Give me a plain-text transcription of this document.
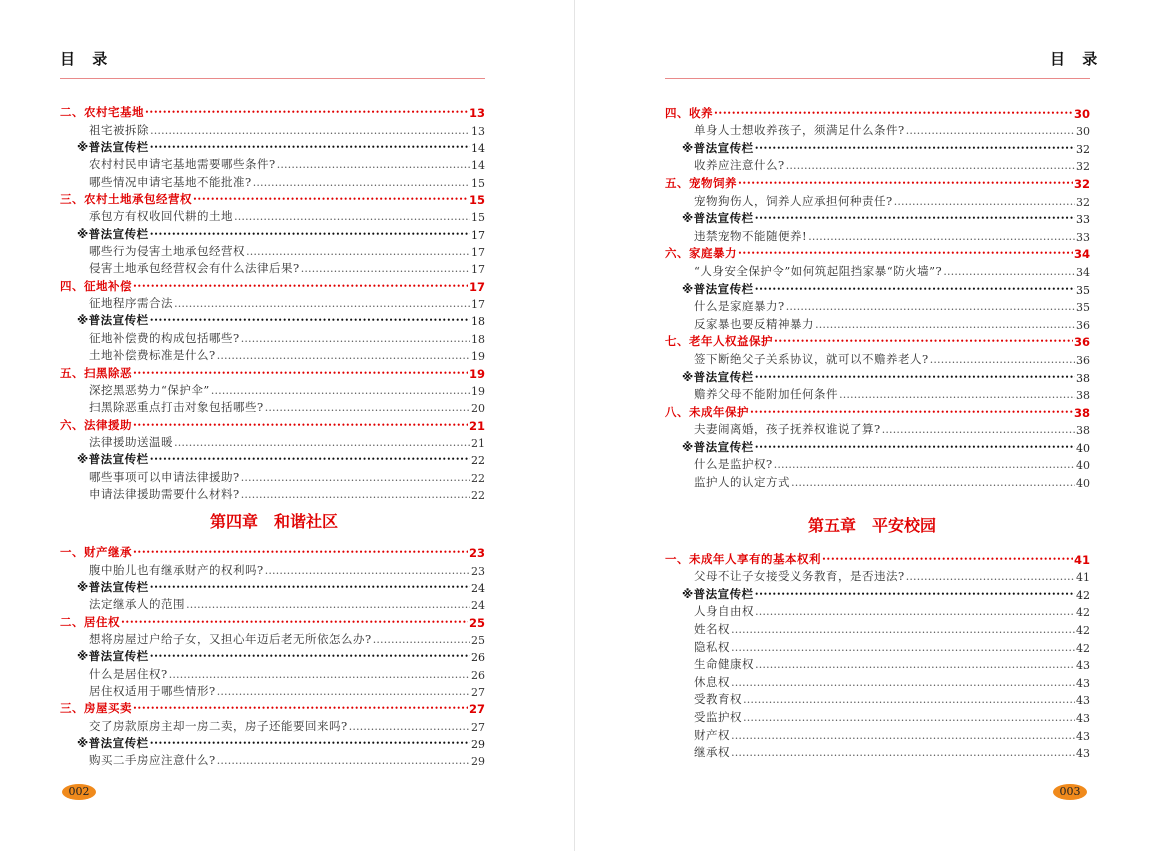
目 录
二、农村宅基地 •••••	13
祖宅被拆除 …………………………………………………………………………………………………………………………………………	13
※普法宣传栏 •••••	14
农村村民申请宅基地需要哪些条件? …………………………………………………………………………………………………………………………………………	14
哪些情况申请宅基地不能批准? …………………………………………………………………………………………………………………………………………	15
三、农村土地承包经营权 •••••	15
承包方有权收回代耕的土地 …………………………………………………………………………………………………………………………………………	15
※普法宣传栏 •••••	17
哪些行为侵害土地承包经营权 …………………………………………………………………………………………………………………………………………	17
侵害土地承包经营权会有什么法律后果? …………………………………………………………………………………………………………………………………………	17
四、征地补偿 •••••	17
征地程序需合法 …………………………………………………………………………………………………………………………………………	17
※普法宣传栏 •••••	18
征地补偿费的构成包括哪些? …………………………………………………………………………………………………………………………………………	18
土地补偿费标准是什么? …………………………………………………………………………………………………………………………………………	19
五、扫黑除恶 •••••	19
深挖黑恶势力“保护伞” …………………………………………………………………………………………………………………………………………	19
扫黑除恶重点打击对象包括哪些? …………………………………………………………………………………………………………………………………………	20
六、法律援助 •••••	21
法律援助送温暖 …………………………………………………………………………………………………………………………………………	21
※普法宣传栏 •••••	22
哪些事项可以申请法律援助? …………………………………………………………………………………………………………………………………………	22
申请法律援助需要什么材料? …………………………………………………………………………………………………………………………………………	22
第四章　和谐社区
一、财产继承 •••••	23
腹中胎儿也有继承财产的权利吗? …………………………………………………………………………………………………………………………………………	23
※普法宣传栏 •••••	24
法定继承人的范围 …………………………………………………………………………………………………………………………………………	24
二、居住权 •••••	25
想将房屋过户给子女，又担心年迈后老无所依怎么办? …………………………………………………………………………………………………………………………………………	25
※普法宣传栏 •••••	26
什么是居住权? …………………………………………………………………………………………………………………………………………	26
居住权适用于哪些情形? …………………………………………………………………………………………………………………………………………	27
三、房屋买卖 •••••	27
交了房款原房主却一房二卖，房子还能要回来吗? …………………………………………………………………………………………………………………………………………	27
※普法宣传栏 •••••	29
购买二手房应注意什么? …………………………………………………………………………………………………………………………………………	29
002
目 录
四、收养 •••••	30
单身人士想收养孩子，须满足什么条件? …………………………………………………………………………………………………………………………………………	30
※普法宣传栏 •••••	32
收养应注意什么? …………………………………………………………………………………………………………………………………………	32
五、宠物饲养 •••••	32
宠物狗伤人，饲养人应承担何种责任? …………………………………………………………………………………………………………………………………………	32
※普法宣传栏 •••••	33
违禁宠物不能随便养! …………………………………………………………………………………………………………………………………………	33
六、家庭暴力 •••••	34
“人身安全保护令”如何筑起阻挡家暴“防火墙”? …………………………………………………………………………………………………………………………………………	34
※普法宣传栏 •••••	35
什么是家庭暴力? …………………………………………………………………………………………………………………………………………	35
反家暴也要反精神暴力 …………………………………………………………………………………………………………………………………………	36
七、老年人权益保护 •••••	36
签下断绝父子关系协议，就可以不赡养老人? …………………………………………………………………………………………………………………………………………	36
※普法宣传栏 •••••	38
赡养父母不能附加任何条件 …………………………………………………………………………………………………………………………………………	38
八、未成年保护 •••••	38
夫妻闹离婚，孩子抚养权谁说了算? …………………………………………………………………………………………………………………………………………	38
※普法宣传栏 •••••	40
什么是监护权? …………………………………………………………………………………………………………………………………………	40
监护人的认定方式 …………………………………………………………………………………………………………………………………………	40
第五章　平安校园
一、未成年人享有的基本权利 •••••	41
父母不让子女接受义务教育，是否违法? …………………………………………………………………………………………………………………………………………	41
※普法宣传栏 •••••	42
人身自由权 …………………………………………………………………………………………………………………………………………	42
姓名权 …………………………………………………………………………………………………………………………………………	42
隐私权 …………………………………………………………………………………………………………………………………………	42
生命健康权 …………………………………………………………………………………………………………………………………………	43
休息权 …………………………………………………………………………………………………………………………………………	43
受教育权 …………………………………………………………………………………………………………………………………………	43
受监护权 …………………………………………………………………………………………………………………………………………	43
财产权 …………………………………………………………………………………………………………………………………………	43
继承权 …………………………………………………………………………………………………………………………………………	43
003
